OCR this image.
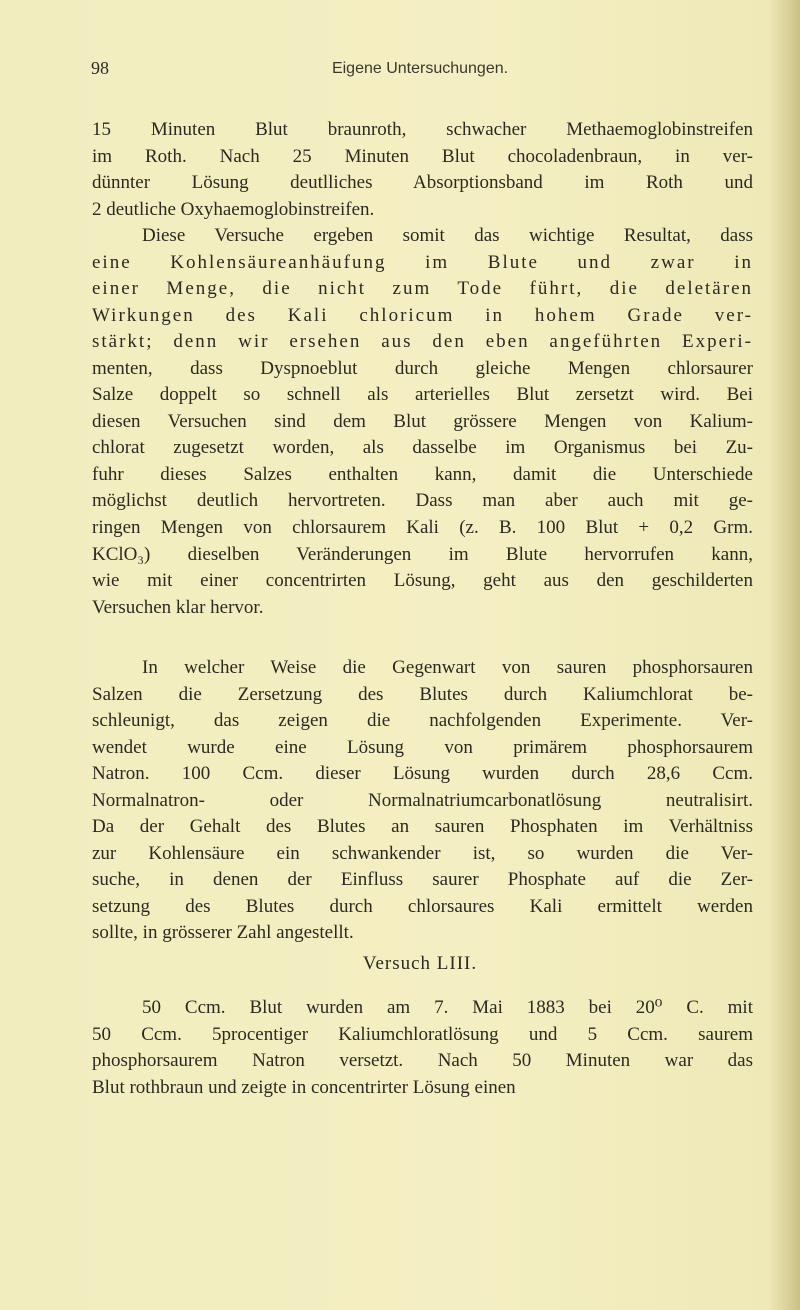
98	Eigene Untersuchungen.
15 Minuten Blut braunroth, schwacher Methaemoglobinstreifen
im Roth. Nach 25 Minuten Blut chocoladenbraun, in ver-
dünnter Lösung deutlliches Absorptionsband im Roth und
2 deutliche Oxyhaemoglobinstreifen.
Diese Versuche ergeben somit das wichtige Resultat, dass
eine Kohlensäureanhäufung im Blute und zwar in
einer Menge, die nicht zum Tode führt, die deletären
Wirkungen des Kali chloricum in hohem Grade ver-
stärkt; denn wir ersehen aus den eben angeführten Experi-
menten, dass Dyspnoeblut durch gleiche Mengen chlorsaurer
Salze doppelt so schnell als arterielles Blut zersetzt wird. Bei
diesen Versuchen sind dem Blut grössere Mengen von Kalium-
chlorat zugesetzt worden, als dasselbe im Organismus bei Zu-
fuhr dieses Salzes enthalten kann, damit die Unterschiede
möglichst deutlich hervortreten. Dass man aber auch mit ge-
ringen Mengen von chlorsaurem Kali (z. B. 100 Blut + 0,2 Grm.
KClO₃) dieselben Veränderungen im Blute hervorrufen kann,
wie mit einer concentrirten Lösung, geht aus den geschilderten
Versuchen klar hervor.
In welcher Weise die Gegenwart von sauren phosphorsauren
Salzen die Zersetzung des Blutes durch Kaliumchlorat be-
schleunigt, das zeigen die nachfolgenden Experimente. Ver-
wendet wurde eine Lösung von primärem phosphorsaurem
Natron. 100 Ccm. dieser Lösung wurden durch 28,6 Ccm.
Normalnatron- oder Normalnatriumcarbonatlösung neutralisirt.
Da der Gehalt des Blutes an sauren Phosphaten im Verhältniss
zur Kohlensäure ein schwankender ist, so wurden die Ver-
suche, in denen der Einfluss saurer Phosphate auf die Zer-
setzung des Blutes durch chlorsaures Kali ermittelt werden
sollte, in grösserer Zahl angestellt.
Versuch LIII.
50 Ccm. Blut wurden am 7. Mai 1883 bei 20⁰ C. mit
50 Ccm. 5procentiger Kaliumchloratlösung und 5 Ccm. saurem
phosphorsaurem Natron versetzt. Nach 50 Minuten war das
Blut rothbraun und zeigte in concentrirter Lösung einen
